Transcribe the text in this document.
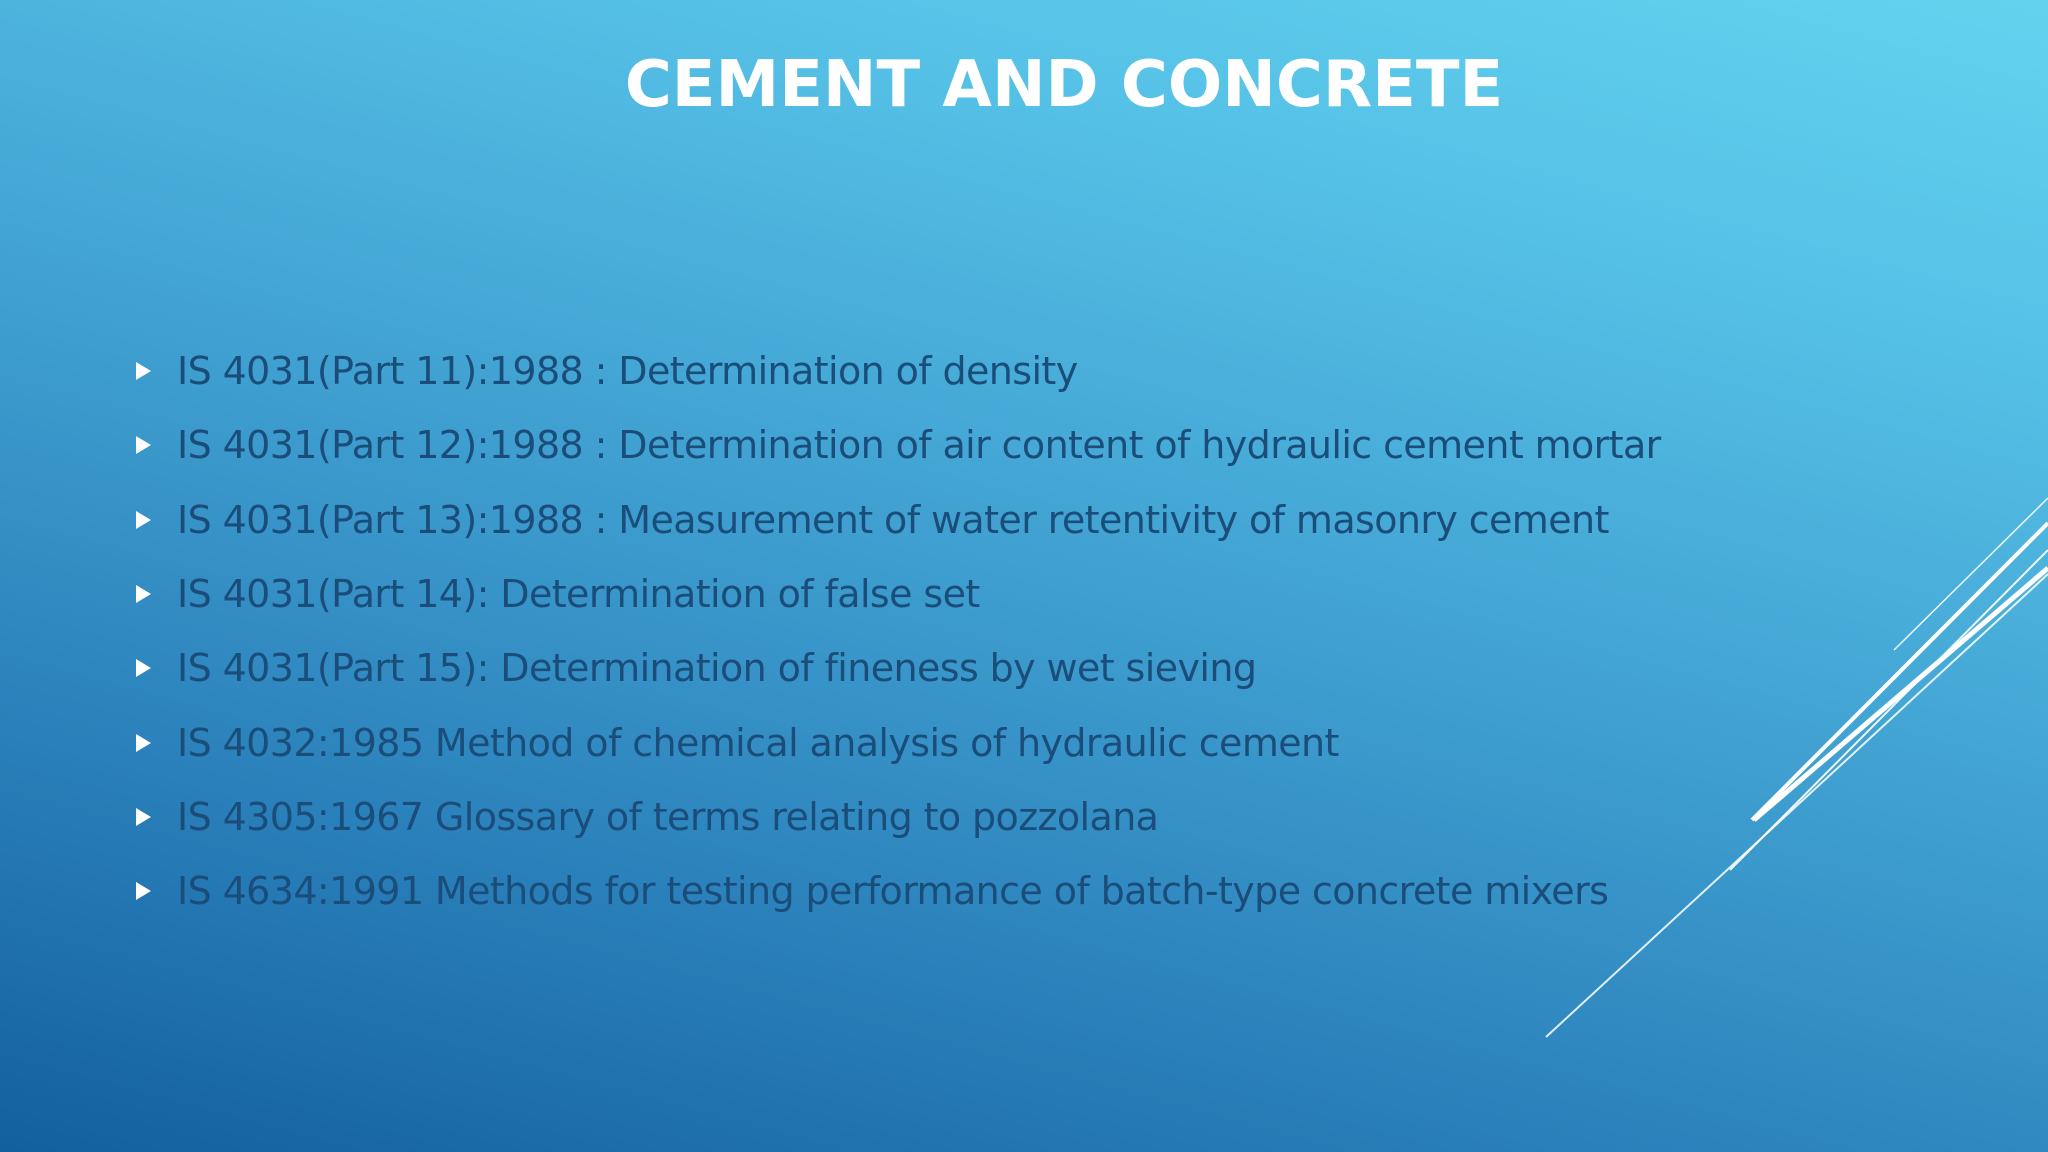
CEMENT AND CONCRETE
IS 4031(Part 11):1988 : Determination of density
IS 4031(Part 12):1988 : Determination of air content of hydraulic cement mortar
IS 4031(Part 13):1988 : Measurement of water retentivity of masonry cement
IS 4031(Part 14): Determination of false set
IS 4031(Part 15): Determination of fineness by wet sieving
IS 4032:1985 Method of chemical analysis of hydraulic cement
IS 4305:1967 Glossary of terms relating to pozzolana
IS 4634:1991 Methods for testing performance of batch-type concrete mixers
